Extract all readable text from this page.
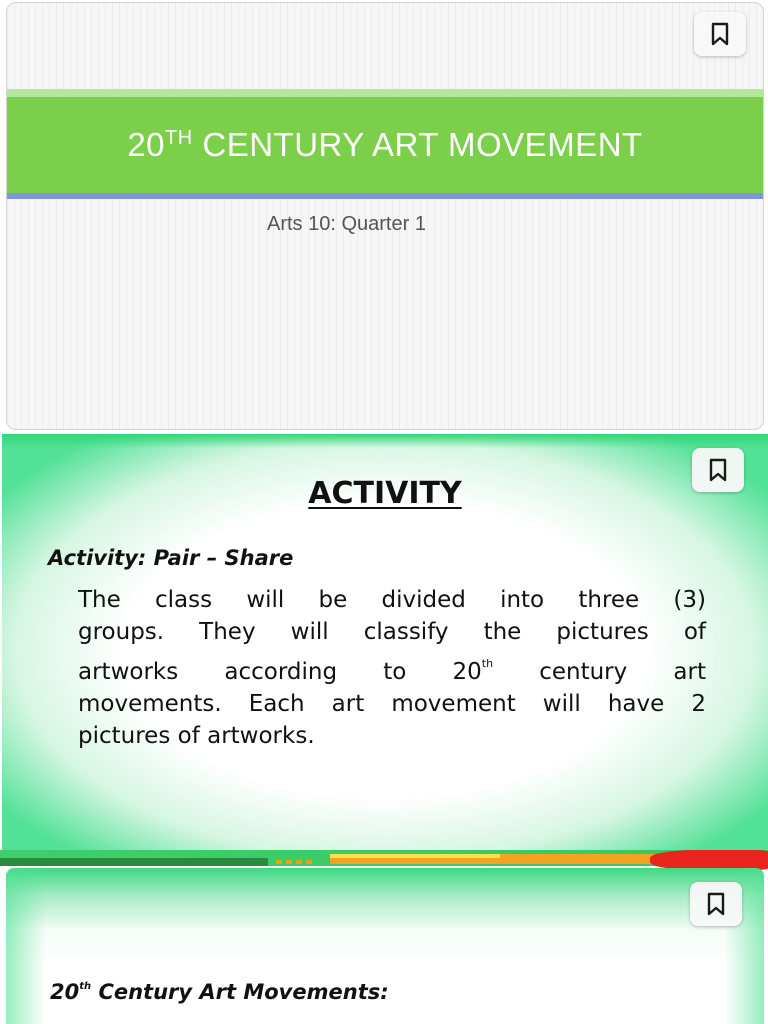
20TH CENTURY ART MOVEMENT
Arts 10: Quarter 1
ACTIVITY
Activity: Pair – Share

The class will be divided into three (3)

groups. They will classify the pictures of

artworks according to 20th century art

movements. Each art movement will have 2

pictures of artworks.

20th Century Art Movements:
